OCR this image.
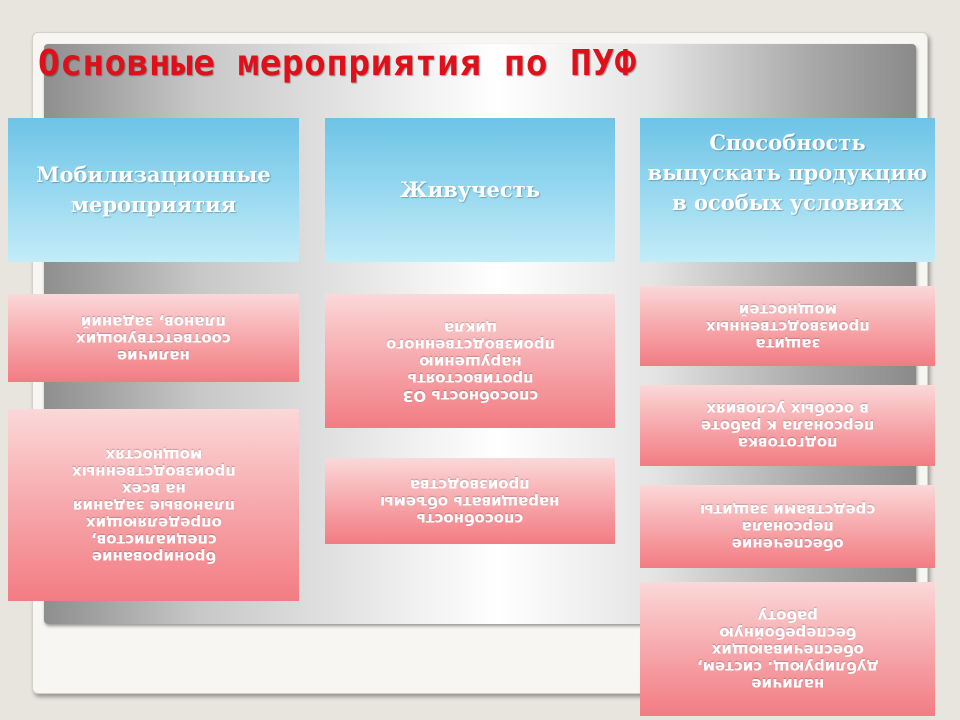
Основные мероприятия по ПУФ
Мобилизационные мероприятия
наличие
соответствующих
планов, заданий
бронирование
специалистов,
определяющих
плановые задания
на всех
производственных
мощностях
Живучесть
способность ОЗ
противостоять
нарушению
производственного
цикла
способность
наращивать объемы
производства
Способность выпускать продукцию в особых условиях
защита
производственных
мощностей
подготовка
персонала к работе
в особых условиях
обеспечение
персонала
средствами защиты
наличие
дублирующ. систем,
обеспечивающих
бесперебойную
работу
